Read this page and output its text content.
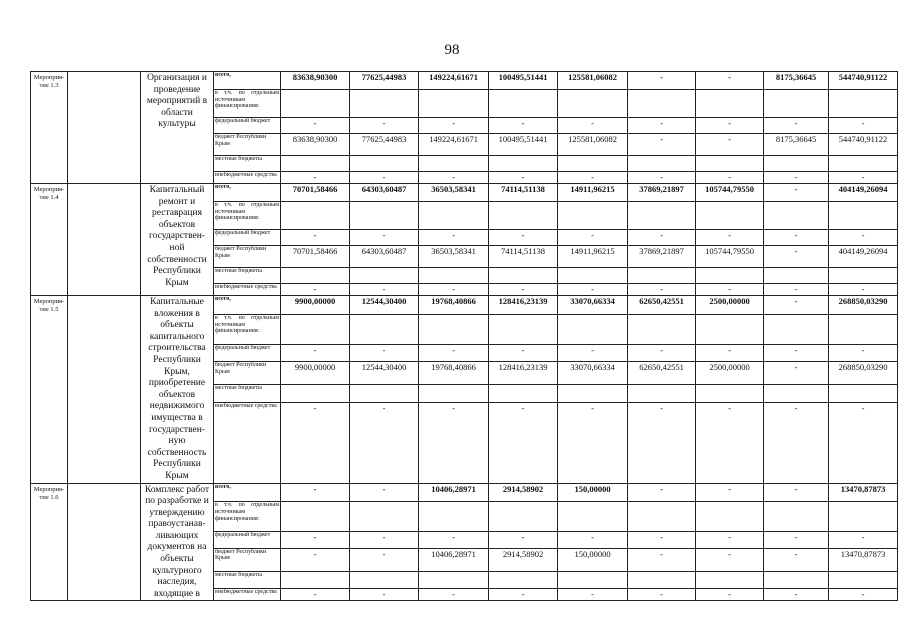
98
Мероприя-тие 1.3		Организация и проведение мероприятий в области культуры	всего,	83638,90300	77625,44983	149224,61671	100495,51441	125581,06082	-	-	8175,36645	544740,91122
			в т.ч. по отдельным источникам финансирования:									
			федеральный бюджет	-	-	-	-	-	-	-	-	-
			бюджет Республики Крым	83638,90300	77625,44983	149224,61671	100495,51441	125581,06082	-	-	8175,36645	544740,91122
			местные бюджеты									
			внебюджетные средства	-	-	-	-	-	-	-	-	-
Мероприя-тие 1.4		Капитальный ремонт и реставрация объектов государствен-ной собственности Республики Крым	всего,	70701,58466	64303,60487	36503,58341	74114,51138	14911,96215	37869,21897	105744,79550	-	404149,26094
			в т.ч. по отдельным источникам финансирования:									
			федеральный бюджет	-	-	-	-	-	-	-	-	-
			бюджет Республики Крым	70701,58466	64303,60487	36503,58341	74114,51138	14911,96215	37869,21897	105744,79550	-	404149,26094
			местные бюджеты									
			внебюджетные средства	-	-	-	-	-	-	-	-	-
Мероприя-тие 1.5		Капитальные вложения в объекты капитального строительства Республики Крым, приобретение объектов недвижимого имущества в государствен-ную собственность Республики Крым	всего,	9900,00000	12544,30400	19768,40866	128416,23139	33070,66334	62650,42551	2500,00000	-	268850,03290
			в т.ч. по отдельным источникам финансирования:									
			федеральный бюджет	-	-	-	-	-	-	-	-	-
			бюджет Республики Крым	9900,00000	12544,30400	19768,40866	128416,23139	33070,66334	62650,42551	2500,00000	-	268850,03290
			местные бюджеты									
			внебюджетные средства	-	-	-	-	-	-	-	-	-
Мероприя-тие 1.6		Комплекс работ по разработке и утверждению правоустанав-ливающих документов на объекты культурного наследия, входящие в	всего,	-	-	10406,28971	2914,58902	150,00000	-	-	-	13470,87873
			в т.ч. по отдельным источникам финансирования:									
			федеральный бюджет	-	-	-	-	-	-	-	-	-
			бюджет Республики Крым	-	-	10406,28971	2914,58902	150,00000	-	-	-	13470,87873
			местные бюджеты									
			внебюджетные средства	-	-	-	-	-	-	-	-	-
